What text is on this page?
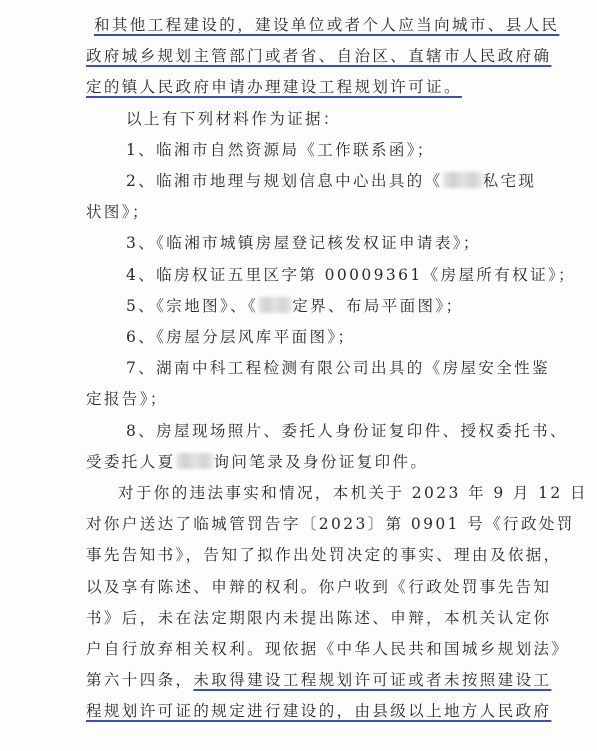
和其他工程建设的，建设单位或者个人应当向城市、县人民
政府城乡规划主管部门或者省、自治区、直辖市人民政府确
定的镇人民政府申请办理建设工程规划许可证。
以上有下列材料作为证据：
1、临湘市自然资源局《工作联系函》；
2、临湘市地理与规划信息中心出具的《	私宅现
状图》；
3、《临湘市城镇房屋登记核发权证申请表》；
4、临房权证五里区字第 00009361《房屋所有权证》；
5、《宗地图》、《 定界、布局平面图》；
6、《房屋分层风库平面图》；
7、湖南中科工程检测有限公司出具的《房屋安全性鉴
定报告》；
8、房屋现场照片、委托人身份证复印件、授权委托书、
受委托人夏 询问笔录及身份证复印件。
对于你的违法事实和情况，本机关于 2023 年 9 月 12 日
对你户送达了临城管罚告字〔2023〕第 0901 号《行政处罚
事先告知书》，告知了拟作出处罚决定的事实、理由及依据，
以及享有陈述、申辩的权利。你户收到《行政处罚事先告知
书》后，未在法定期限内未提出陈述、申辩，本机关认定你
户自行放弃相关权利。现依据《中华人民共和国城乡规划法》
第六十四条，未取得建设工程规划许可证或者未按照建设工
程规划许可证的规定进行建设的，由县级以上地方人民政府
